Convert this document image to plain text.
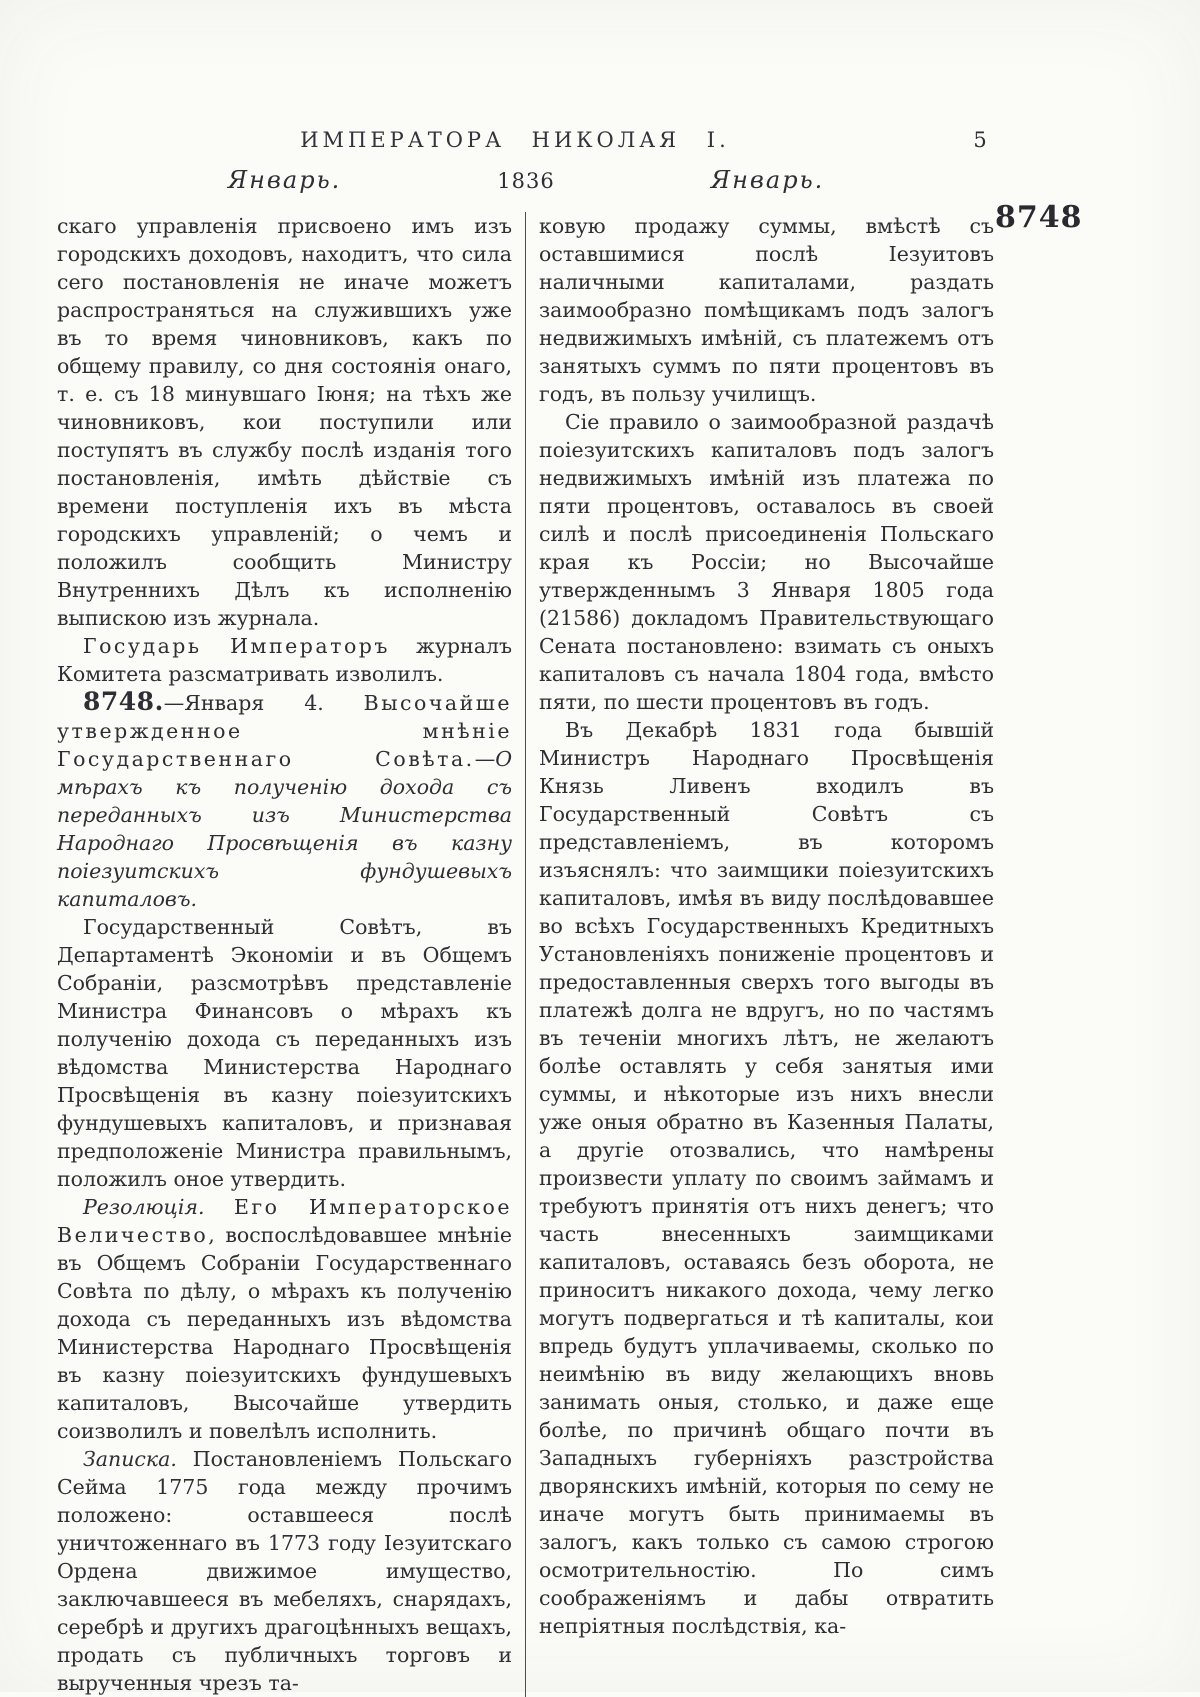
ИМПЕРАТОРА НИКОЛАЯ I.	5
Январь.	1836	Январь.
8748

скаго управленія присвоено имъ изъ городскихъ доходовъ, находитъ, что сила сего постановленія не иначе можетъ распространяться на служившихъ уже въ то время чиновниковъ, какъ по общему правилу, со дня состоянія онаго, т. е. съ 18 минувшаго Іюня; на тѣхъ же чиновниковъ, кои поступили или поступятъ въ службу послѣ изданія того постановленія, имѣть дѣйствіе съ времени поступленія ихъ въ мѣста городскихъ управленій; о чемъ и положилъ сообщить Министру Внутреннихъ Дѣлъ къ исполненію выпискою изъ журнала.

Государь Императоръ журналъ Комитета разсматривать изволилъ.

8748.—Января 4. Высочайше утвержденное мнѣніе Государственнаго Совѣта.—О мѣрахъ къ полученію дохода съ переданныхъ изъ Министерства Народнаго Просвѣщенія въ казну поіезуитскихъ фундушевыхъ капиталовъ.

Государственный Совѣтъ, въ Департаментѣ Экономіи и въ Общемъ Собраніи, разсмотрѣвъ представленіе Министра Финансовъ о мѣрахъ къ полученію дохода съ переданныхъ изъ вѣдомства Министерства Народнаго Просвѣщенія въ казну поіезуитскихъ фундушевыхъ капиталовъ, и признавая предположеніе Министра правильнымъ, положилъ оное утвердить.

Резолюція. Его Императорское Величество, воспослѣдовавшее мнѣніе въ Общемъ Собраніи Государственнаго Совѣта по дѣлу, о мѣрахъ къ полученію дохода съ переданныхъ изъ вѣдомства Министерства Народнаго Просвѣщенія въ казну поіезуитскихъ фундушевыхъ капиталовъ, Высочайше утвердить соизволилъ и повелѣлъ исполнить.

Записка. Постановленіемъ Польскаго Сейма 1775 года между прочимъ положено: оставшееся послѣ уничтоженнаго въ 1773 году Іезуитскаго Ордена движимое имущество, заключавшееся въ мебеляхъ, снарядахъ, серебрѣ и другихъ драгоцѣнныхъ вещахъ, продать съ публичныхъ торговъ и вырученныя чрезъ та-

ковую продажу суммы, вмѣстѣ съ оставшимися послѣ Іезуитовъ наличными капиталами, раздать заимообразно помѣщикамъ подъ залогъ недвижимыхъ имѣній, съ платежемъ отъ занятыхъ суммъ по пяти процентовъ въ годъ, въ пользу училищъ.

Сіе правило о заимообразной раздачѣ поіезуитскихъ капиталовъ подъ залогъ недвижимыхъ имѣній изъ платежа по пяти процентовъ, оставалось въ своей силѣ и послѣ присоединенія Польскаго края къ Россіи; но Высочайше утвержденнымъ 3 Января 1805 года (21586) докладомъ Правительствующаго Сената постановлено: взимать съ оныхъ капиталовъ съ начала 1804 года, вмѣсто пяти, по шести процентовъ въ годъ.

Въ Декабрѣ 1831 года бывшій Министръ Народнаго Просвѣщенія Князь Ливенъ входилъ въ Государственный Совѣтъ съ представленіемъ, въ которомъ изъяснялъ: что заимщики поіезуитскихъ капиталовъ, имѣя въ виду послѣдовавшее во всѣхъ Государственныхъ Кредитныхъ Установленіяхъ пониженіе процентовъ и предоставленныя сверхъ того выгоды въ платежѣ долга не вдругъ, но по частямъ въ теченіи многихъ лѣтъ, не желаютъ болѣе оставлять у себя занятыя ими суммы, и нѣкоторые изъ нихъ внесли уже оныя обратно въ Казенныя Палаты, а другіе отозвались, что намѣрены произвести уплату по своимъ займамъ и требуютъ принятія отъ нихъ денегъ; что часть внесенныхъ заимщиками капиталовъ, оставаясь безъ оборота, не приноситъ никакого дохода, чему легко могутъ подвергаться и тѣ капиталы, кои впредь будутъ уплачиваемы, сколько по неимѣнію въ виду желающихъ вновь занимать оныя, столько, и даже еще болѣе, по причинѣ общаго почти въ Западныхъ губерніяхъ разстройства дворянскихъ имѣній, которыя по сему не иначе могутъ быть принимаемы въ залогъ, какъ только съ самою строгою осмотрительностію. По симъ соображеніямъ и дабы отвратить непріятныя послѣдствія, ка-
